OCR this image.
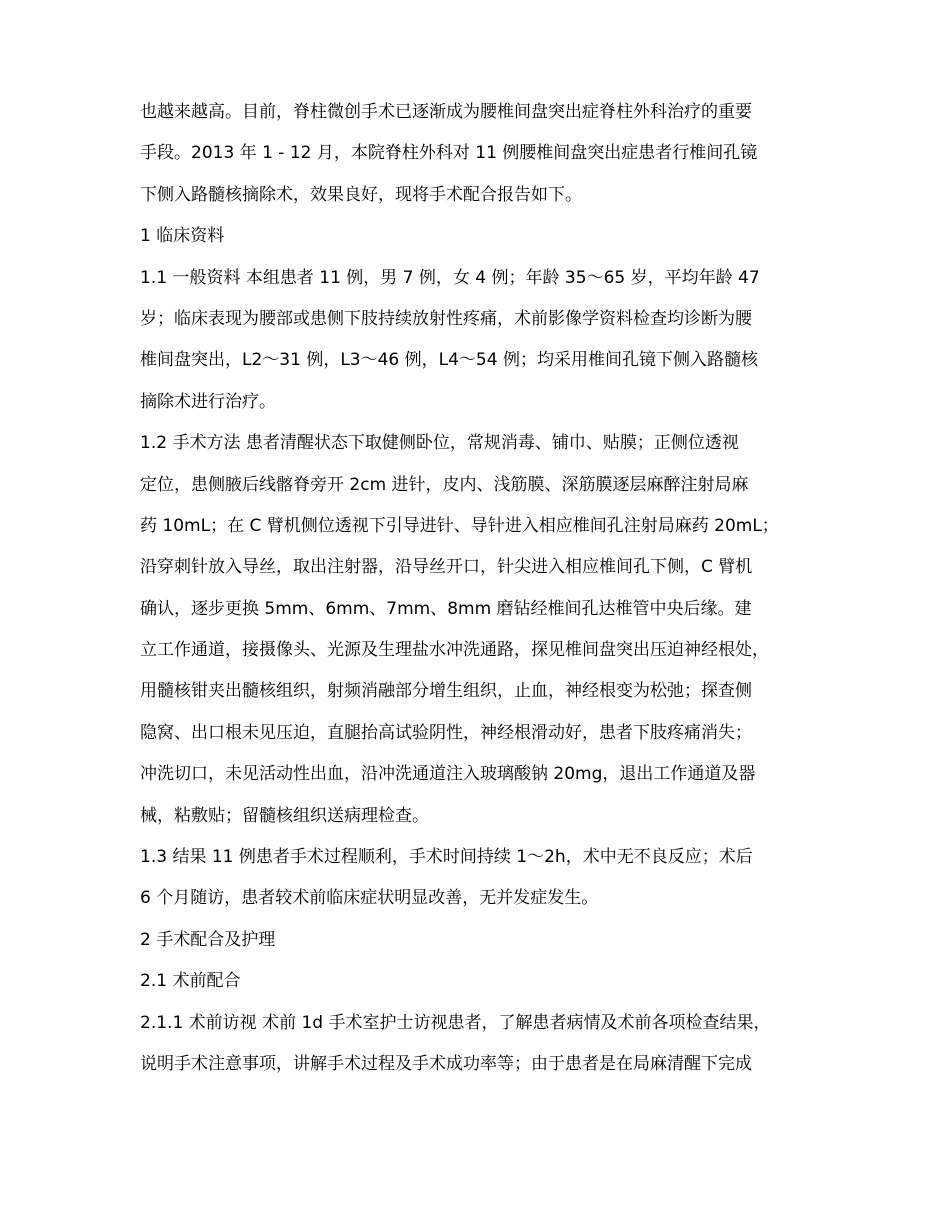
也越来越高。目前，脊柱微创手术已逐渐成为腰椎间盘突出症脊柱外科治疗的重要
手段。2013 年 1 - 12 月，本院脊柱外科对 11 例腰椎间盘突出症患者行椎间孔镜
下侧入路髓核摘除术，效果良好，现将手术配合报告如下。
1 临床资料
1.1 一般资料 本组患者 11 例，男 7 例，女 4 例；年龄 35～65 岁，平均年龄 47
岁；临床表现为腰部或患侧下肢持续放射性疼痛，术前影像学资料检查均诊断为腰
椎间盘突出，L2～31 例，L3～46 例，L4～54 例；均采用椎间孔镜下侧入路髓核
摘除术进行治疗。
1.2 手术方法 患者清醒状态下取健侧卧位，常规消毒、铺巾、贴膜；正侧位透视
定位，患侧腋后线髂脊旁开 2cm 进针，皮内、浅筋膜、深筋膜逐层麻醉注射局麻
药 10mL；在 C 臂机侧位透视下引导进针、导针进入相应椎间孔注射局麻药 20mL；
沿穿刺针放入导丝，取出注射器，沿导丝开口，针尖进入相应椎间孔下侧，C 臂机
确认，逐步更换 5mm、6mm、7mm、8mm 磨钻经椎间孔达椎管中央后缘。建
立工作通道，接摄像头、光源及生理盐水冲洗通路，探见椎间盘突出压迫神经根处，
用髓核钳夹出髓核组织，射频消融部分增生组织，止血，神经根变为松弛；探查侧
隐窝、出口根未见压迫，直腿抬高试验阴性，神经根滑动好，患者下肢疼痛消失；
冲洗切口，未见活动性出血，沿冲洗通道注入玻璃酸钠 20mg，退出工作通道及器
械，粘敷贴；留髓核组织送病理检查。
1.3 结果 11 例患者手术过程顺利，手术时间持续 1～2h，术中无不良反应；术后
6 个月随访，患者较术前临床症状明显改善，无并发症发生。
2 手术配合及护理
2.1 术前配合
2.1.1 术前访视 术前 1d 手术室护士访视患者，了解患者病情及术前各项检查结果，
说明手术注意事项，讲解手术过程及手术成功率等；由于患者是在局麻清醒下完成
